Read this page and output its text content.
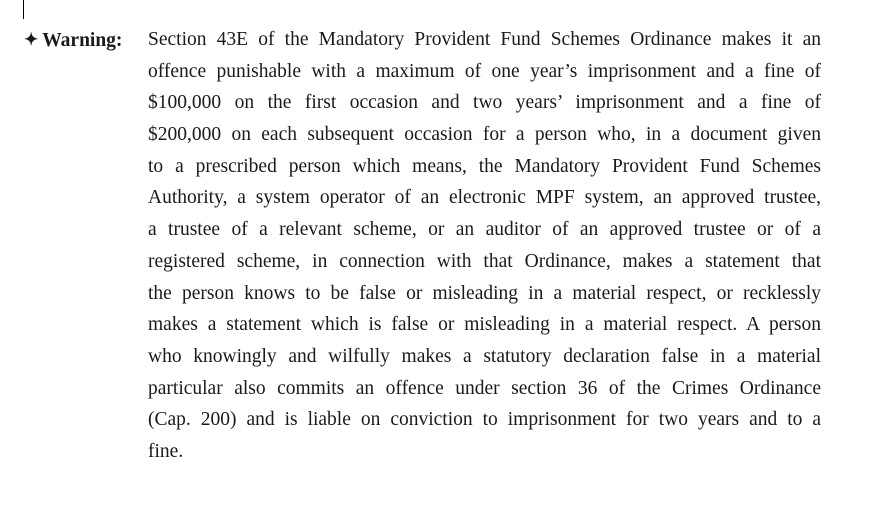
✦ Warning: Section 43E of the Mandatory Provident Fund Schemes Ordinance makes it an
offence punishable with a maximum of one year’s imprisonment and a fine of
$100,000 on the first occasion and two years’ imprisonment and a fine of
$200,000 on each subsequent occasion for a person who, in a document given
to a prescribed person which means, the Mandatory Provident Fund Schemes
Authority, a system operator of an electronic MPF system, an approved trustee,
a trustee of a relevant scheme, or an auditor of an approved trustee or of a
registered scheme, in connection with that Ordinance, makes a statement that
the person knows to be false or misleading in a material respect, or recklessly
makes a statement which is false or misleading in a material respect. A person
who knowingly and wilfully makes a statutory declaration false in a material
particular also commits an offence under section 36 of the Crimes Ordinance
(Cap. 200) and is liable on conviction to imprisonment for two years and to a
fine.
